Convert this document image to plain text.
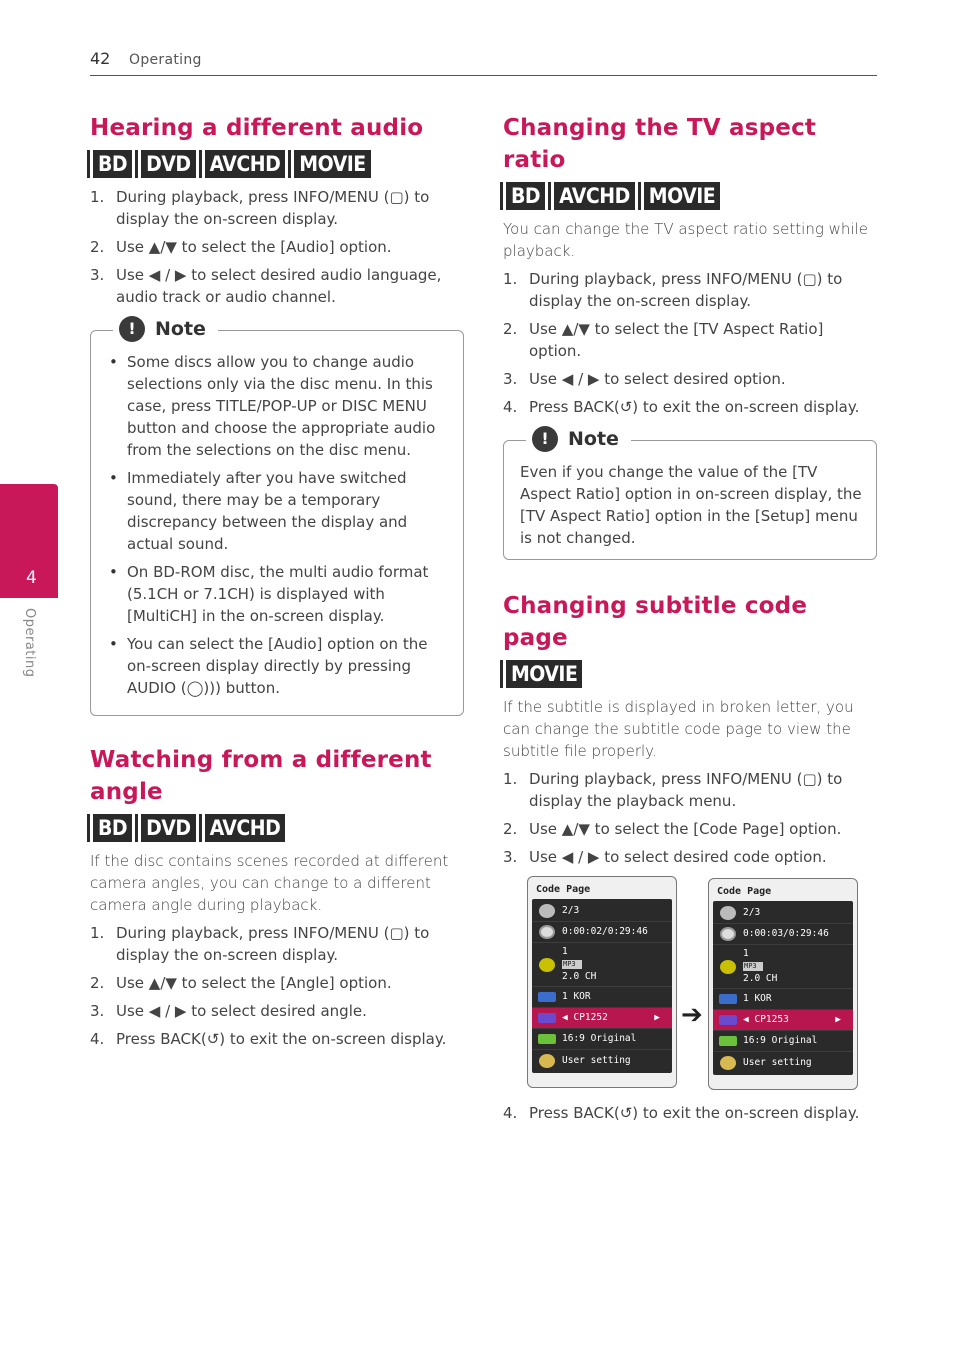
42 Operating
4
Operating
Hearing a different audio
BD DVD AVCHD MOVIE
1. During playback, press INFO/MENU (▢) to display the on-screen display.
2. Use ▲/▼ to select the [Audio] option.
3. Use ◀ / ▶ to select desired audio language, audio track or audio channel.
!	Note
• Some discs allow you to change audio selections only via the disc menu. In this case, press TITLE/POP-UP or DISC MENU button and choose the appropriate audio from the selections on the disc menu.
• Immediately after you have switched sound, there may be a temporary discrepancy between the display and actual sound.
• On BD-ROM disc, the multi audio format (5.1CH or 7.1CH) is displayed with [MultiCH] in the on-screen display.
• You can select the [Audio] option on the on-screen display directly by pressing AUDIO (◯))) button.
Watching from a different angle
BD DVD AVCHD

If the disc contains scenes recorded at different camera angles, you can change to a different camera angle during playback.

1. During playback, press INFO/MENU (▢) to display the on-screen display.
2. Use ▲/▼ to select the [Angle] option.
3. Use ◀ / ▶ to select desired angle.
4. Press BACK(↺) to exit the on-screen display.
Changing the TV aspect ratio
BD AVCHD MOVIE

You can change the TV aspect ratio setting while playback.

1. During playback, press INFO/MENU (▢) to display the on-screen display.
2. Use ▲/▼ to select the [TV Aspect Ratio] option.
3. Use ◀ / ▶ to select desired option.
4. Press BACK(↺) to exit the on-screen display.
!	Note

Even if you change the value of the [TV Aspect Ratio] option in on-screen display, the [TV Aspect Ratio] option in the [Setup] menu is not changed.

Changing subtitle code page
MOVIE

If the subtitle is displayed in broken letter, you can change the subtitle code page to view the subtitle file properly.

1. During playback, press INFO/MENU (▢) to display the playback menu.
2. Use ▲/▼ to select the [Code Page] option.
3. Use ◀ / ▶ to select desired code option.
Code Page
2/3
0:00:02/0:29:46
1
MP3
2.0 CH
1 KOR
◀ CP1252	▶
16:9 Original
User setting
➔
Code Page
2/3
0:00:03/0:29:46
1
MP3
2.0 CH
1 KOR
◀ CP1253	▶
16:9 Original
User setting
4. Press BACK(↺) to exit the on-screen display.
